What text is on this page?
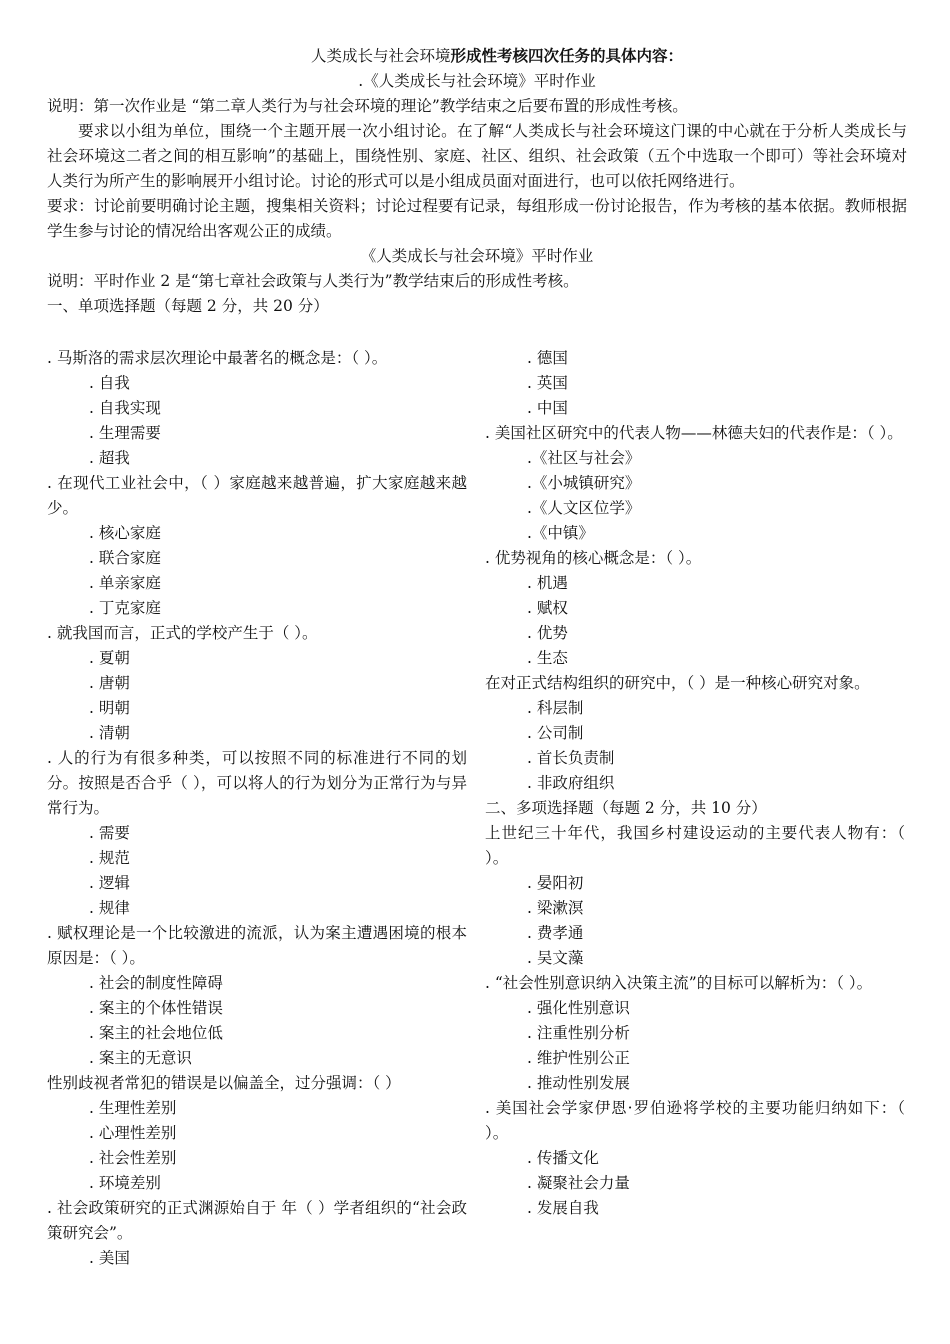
人类成长与社会环境形成性考核四次任务的具体内容：
.《人类成长与社会环境》平时作业

说明：第一次作业是 “第二章人类行为与社会环境的理论”教学结束之后要布置的形成性考核。

要求以小组为单位，围绕一个主题开展一次小组讨论。在了解“人类成长与社会环境这门课的中心就在于分析人类成长与社会环境这二者之间的相互影响”的基础上，围绕性别、家庭、社区、组织、社会政策（五个中选取一个即可）等社会环境对人类行为所产生的影响展开小组讨论。讨论的形式可以是小组成员面对面进行，也可以依托网络进行。

要求：讨论前要明确讨论主题，搜集相关资料；讨论过程要有记录，每组形成一份讨论报告，作为考核的基本依据。教师根据学生参与讨论的情况给出客观公正的成绩。

《人类成长与社会环境》平时作业

说明：平时作业 2 是“第七章社会政策与人类行为”教学结束后的形成性考核。

一、单项选择题（每题 2 分，共 20 分）

. 马斯洛的需求层次理论中最著名的概念是：（ ）。
. 自我
. 自我实现
. 生理需要
. 超我
. 在现代工业社会中，（ ）家庭越来越普遍，扩大家庭越来越少。
. 核心家庭
. 联合家庭
. 单亲家庭
. 丁克家庭
. 就我国而言，正式的学校产生于（ ）。
. 夏朝
. 唐朝
. 明朝
. 清朝
. 人的行为有很多种类，可以按照不同的标准进行不同的划分。按照是否合乎（ ），可以将人的行为划分为正常行为与异常行为。
. 需要
. 规范
. 逻辑
. 规律
. 赋权理论是一个比较激进的流派，认为案主遭遇困境的根本原因是：（ ）。
. 社会的制度性障碍
. 案主的个体性错误
. 案主的社会地位低
. 案主的无意识
性别歧视者常犯的错误是以偏盖全，过分强调：（ ）
. 生理性差别
. 心理性差别
. 社会性差别
. 环境差别
. 社会政策研究的正式渊源始自于 年（ ）学者组织的“社会政策研究会”。
. 美国
. 德国
. 英国
. 中国
. 美国社区研究中的代表人物——林德夫妇的代表作是：（ ）。
.《社区与社会》
.《小城镇研究》
.《人文区位学》
.《中镇》
. 优势视角的核心概念是：（ ）。
. 机遇
. 赋权
. 优势
. 生态
在对正式结构组织的研究中，（ ）是一种核心研究对象。
. 科层制
. 公司制
. 首长负责制
. 非政府组织
二、多项选择题（每题 2 分，共 10 分）
上世纪三十年代，我国乡村建设运动的主要代表人物有：（ ）。
. 晏阳初
. 梁漱溟
. 费孝通
. 吴文藻
. “社会性别意识纳入决策主流”的目标可以解析为：（ ）。
. 强化性别意识
. 注重性别分析
. 维护性别公正
. 推动性别发展
. 美国社会学家伊恩·罗伯逊将学校的主要功能归纳如下：（ ）。
. 传播文化
. 凝聚社会力量
. 发展自我
